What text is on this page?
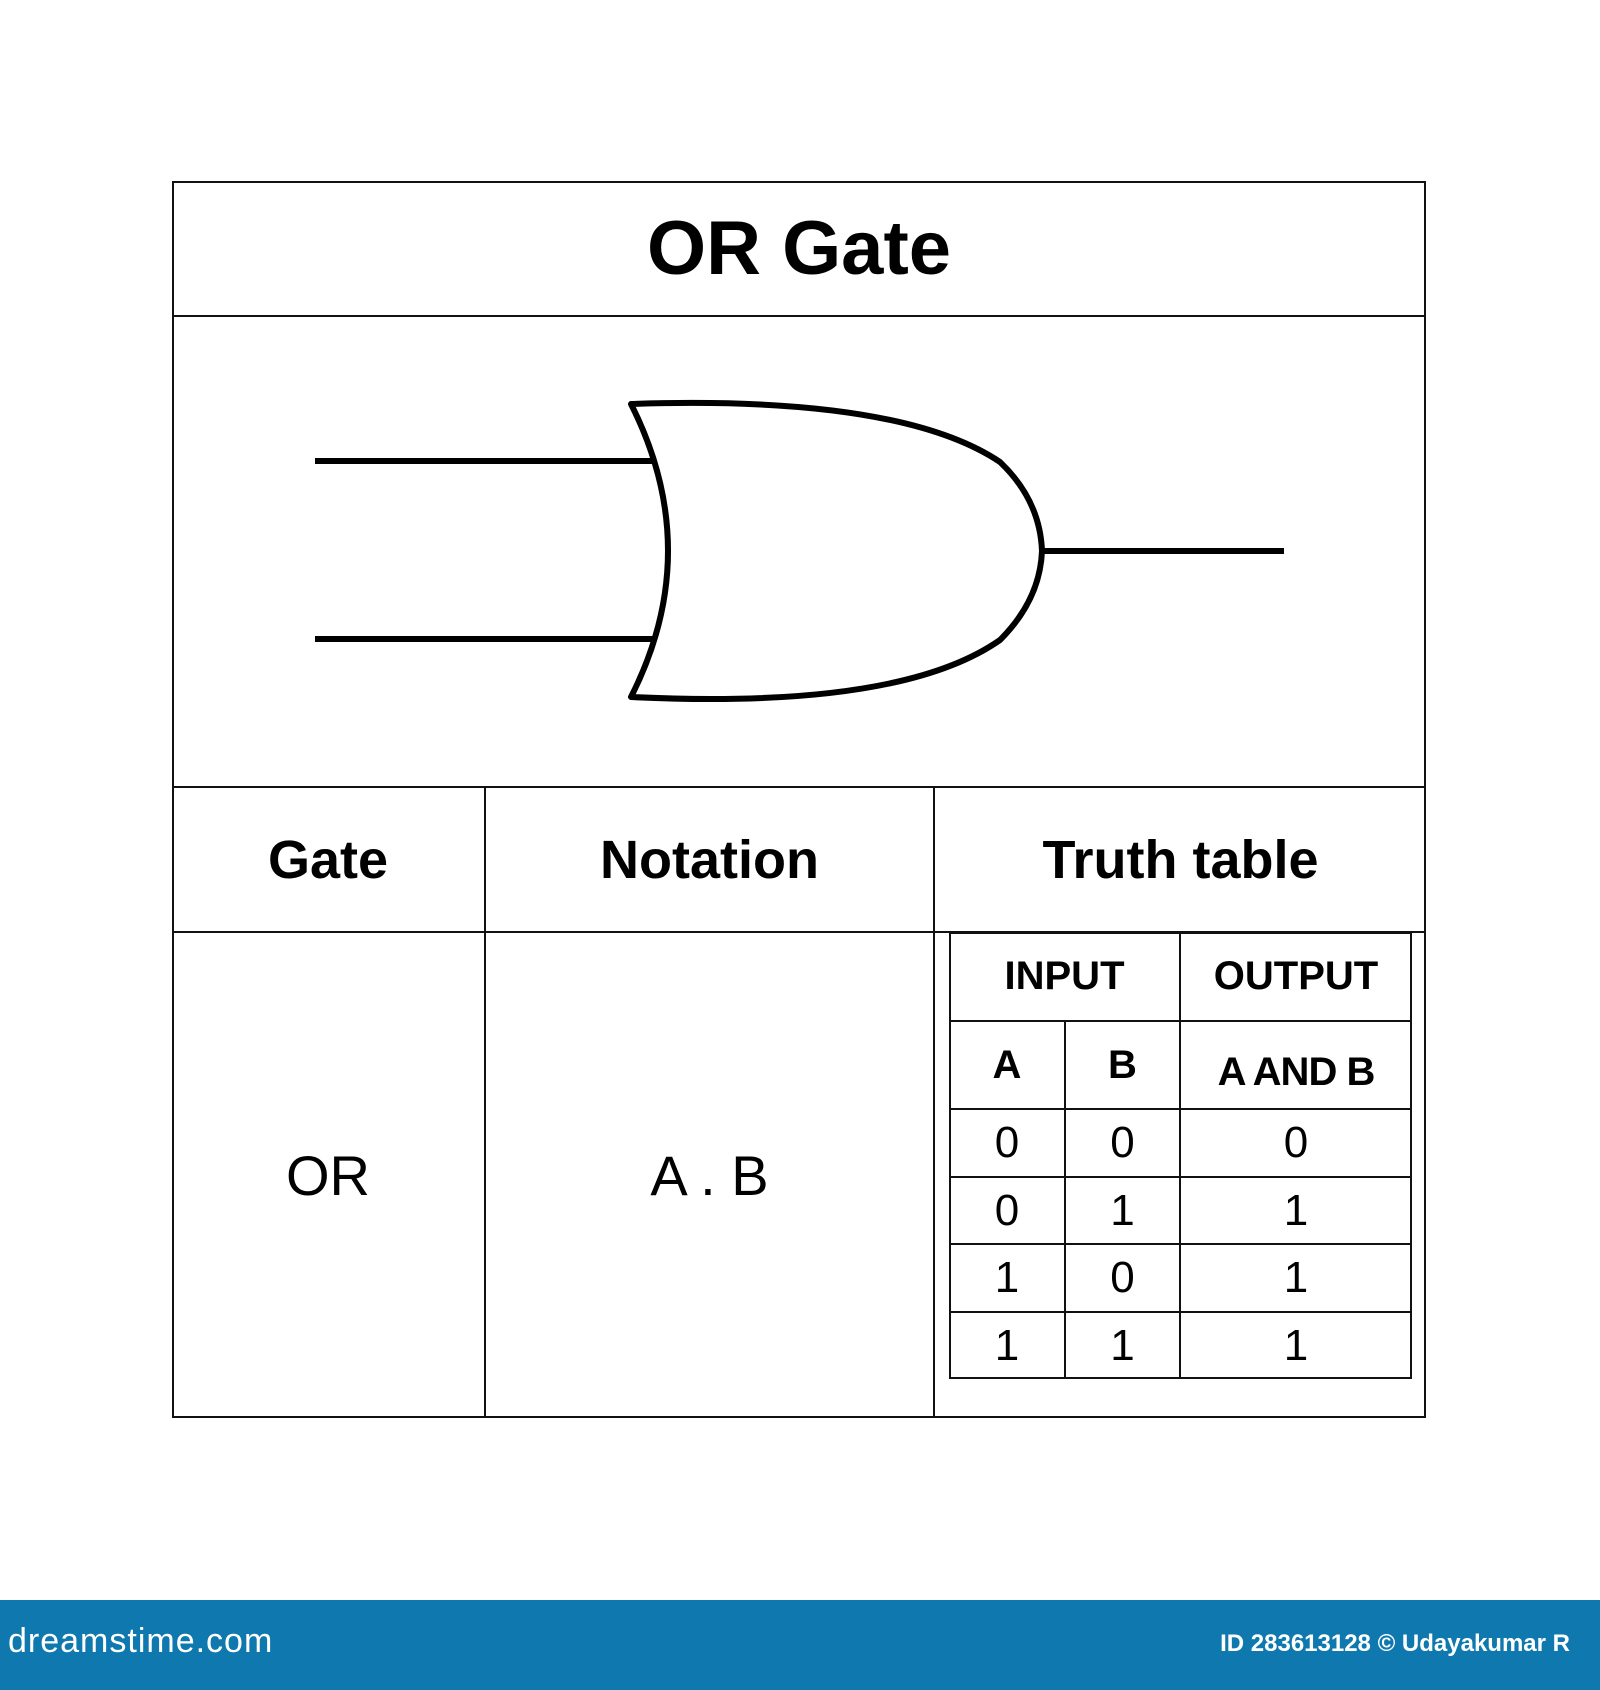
OR Gate
Gate	Notation	Truth table
OR	A . B
INPUT	OUTPUT
A	B	A AND B
0	0	0
0	1	1
1	0	1
1	1	1
dreamstime.com	ID 283613128 © Udayakumar R
